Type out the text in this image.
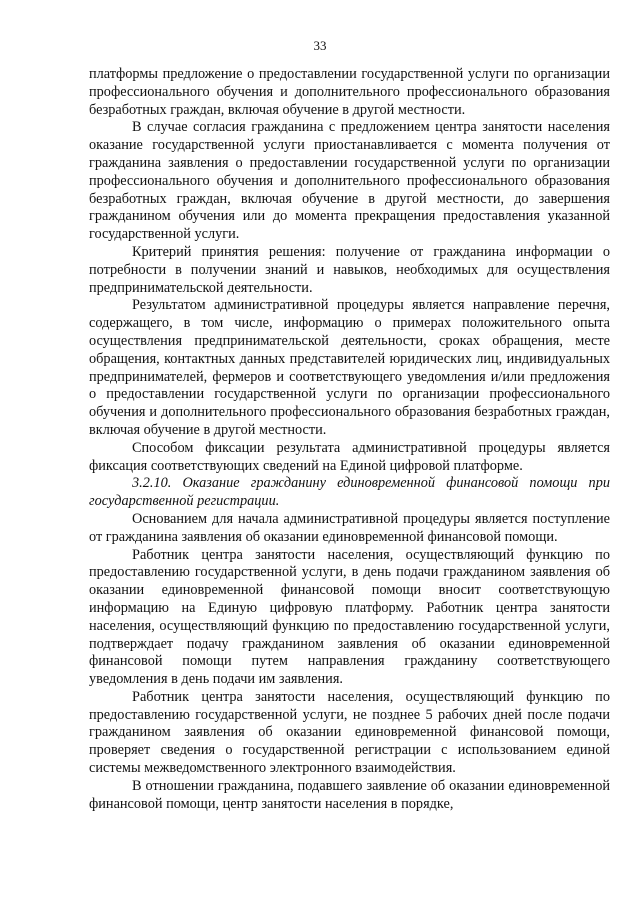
33

платформы предложение о предоставлении государственной услуги по организации профессионального обучения и дополнительного профессионального образования безработных граждан, включая обучение в другой местности.

В случае согласия гражданина с предложением центра занятости населения оказание государственной услуги приостанавливается с момента получения от гражданина заявления о предоставлении государственной услуги по организации профессионального обучения и дополнительного профессионального образования безработных граждан, включая обучение в другой местности, до завершения гражданином обучения или до момента прекращения предоставления указанной государственной услуги.

Критерий принятия решения: получение от гражданина информации о потребности в получении знаний и навыков, необходимых для осуществления предпринимательской деятельности.

Результатом административной процедуры является направление перечня, содержащего, в том числе, информацию о примерах положительного опыта осуществления предпринимательской деятельности, сроках обращения, месте обращения, контактных данных представителей юридических лиц, индивидуальных предпринимателей, фермеров и соответствующего уведомления и/или предложения о предоставлении государственной услуги по организации профессионального обучения и дополнительного профессионального образования безработных граждан, включая обучение в другой местности.

Способом фиксации результата административной процедуры является фиксация соответствующих сведений на Единой цифровой платформе.

3.2.10. Оказание гражданину единовременной финансовой помощи при государственной регистрации.

Основанием для начала административной процедуры является поступление от гражданина заявления об оказании единовременной финансовой помощи.

Работник центра занятости населения, осуществляющий функцию по предоставлению государственной услуги, в день подачи гражданином заявления об оказании единовременной финансовой помощи вносит соответствующую информацию на Единую цифровую платформу. Работник центра занятости населения, осуществляющий функцию по предоставлению государственной услуги, подтверждает подачу гражданином заявления об оказании единовременной финансовой помощи путем направления гражданину соответствующего уведомления в день подачи им заявления.

Работник центра занятости населения, осуществляющий функцию по предоставлению государственной услуги, не позднее 5 рабочих дней после подачи гражданином заявления об оказании единовременной финансовой помощи, проверяет сведения о государственной регистрации с использованием единой системы межведомственного электронного взаимодействия.

В отношении гражданина, подавшего заявление об оказании единовременной финансовой помощи, центр занятости населения в порядке,
